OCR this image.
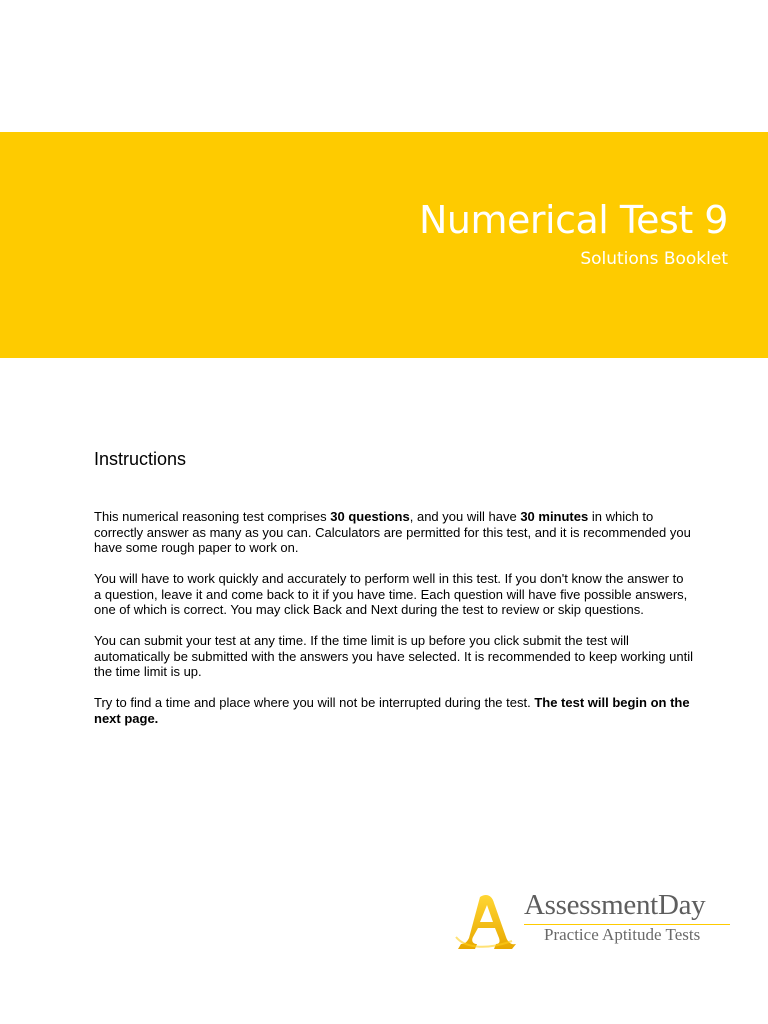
Numerical Test 9
Solutions Booklet
Instructions

This numerical reasoning test comprises 30 questions, and you will have 30 minutes in which to correctly answer as many as you can. Calculators are permitted for this test, and it is recommended you have some rough paper to work on.

You will have to work quickly and accurately to perform well in this test. If you don't know the answer to a question, leave it and come back to it if you have time. Each question will have five possible answers, one of which is correct. You may click Back and Next during the test to review or skip questions.

You can submit your test at any time. If the time limit is up before you click submit the test will automatically be submitted with the answers you have selected. It is recommended to keep working until the time limit is up.

Try to find a time and place where you will not be interrupted during the test. The test will begin on the next page.

AssessmentDay
Practice Aptitude Tests
